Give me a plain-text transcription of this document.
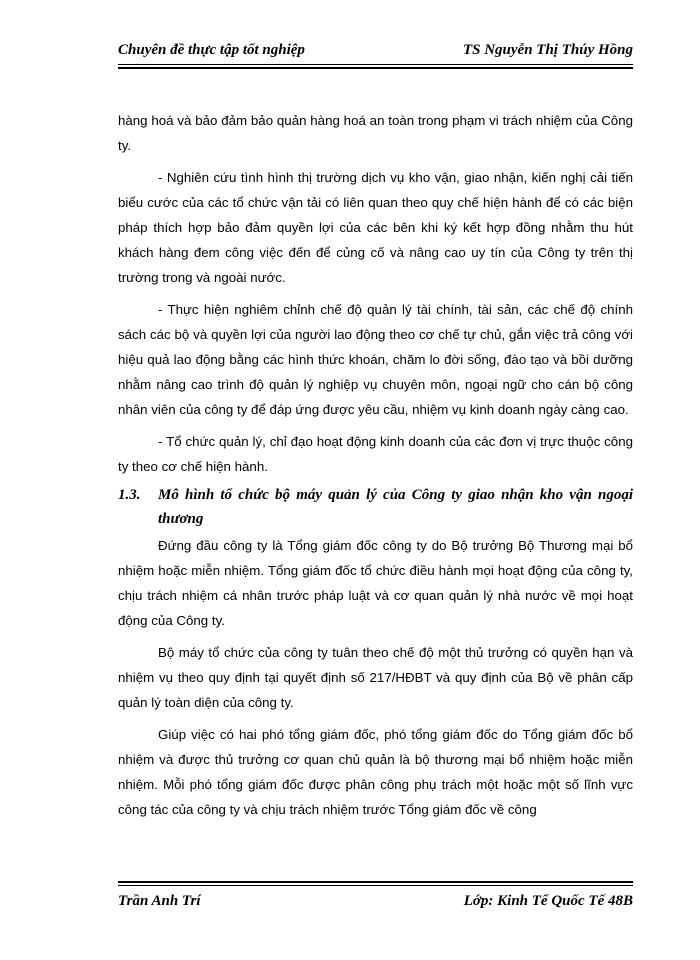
Chuyên đề thực tập tốt nghiệp	TS Nguyễn Thị Thúy Hồng

hàng hoá và bảo đảm bảo quản hàng hoá an toàn trong phạm vi trách nhiệm của Công ty.

- Nghiên cứu tình hình thị trường dịch vụ kho vận, giao nhận, kiến nghị cải tiến biểu cước của các tổ chức vận tải có liên quan theo quy chế hiện hành để có các biện pháp thích hợp bảo đảm quyền lợi của các bên khi ký kết hợp đồng nhằm thu hút khách hàng đem công việc đến để củng cố và nâng cao uy tín của Công ty trên thị trường trong và ngoài nước.

- Thực hiện nghiêm chỉnh chế độ quản lý tài chính, tài sản, các chế độ chính sách các bộ và quyền lợi của người lao động theo cơ chế tự chủ, gắn việc trả công với hiệu quả lao động bằng các hình thức khoán, chăm lo đời sống, đào tạo và bồi dưỡng nhằm nâng cao trình độ quản lý nghiệp vụ chuyên môn, ngoại ngữ cho cán bộ công nhân viên của công ty để đáp ứng được yêu cầu, nhiệm vụ kinh doanh ngày càng cao.

- Tổ chức quản lý, chỉ đạo hoạt động kinh doanh của các đơn vị trực thuộc công ty theo cơ chế hiện hành.

1.3. Mô hình tổ chức bộ máy quản lý của Công ty giao nhận kho vận ngoại thương

Đứng đầu công ty là Tổng giám đốc công ty do Bộ trưởng Bộ Thương mại bổ nhiệm hoặc miễn nhiệm. Tổng giám đốc tổ chức điều hành mọi hoạt động của công ty, chịu trách nhiệm cá nhân trước pháp luật và cơ quan quản lý nhà nước về mọi hoạt động của Công ty.

Bộ máy tổ chức của công ty tuân theo chế độ một thủ trưởng có quyền hạn và nhiệm vụ theo quy định tại quyết định số 217/HĐBT và quy định của Bộ về phân cấp quản lý toàn diện của công ty.

Giúp việc có hai phó tổng giám đốc, phó tổng giám đốc do Tổng giám đốc bổ nhiệm và được thủ trưởng cơ quan chủ quản là bộ thương mại bổ nhiệm hoặc miễn nhiệm. Mỗi phó tổng giám đốc được phân công phụ trách một hoặc một số lĩnh vực công tác của công ty và chịu trách nhiệm trước Tổng giám đốc về công

Trần Anh Trí	Lớp: Kinh Tế Quốc Tế 48B
